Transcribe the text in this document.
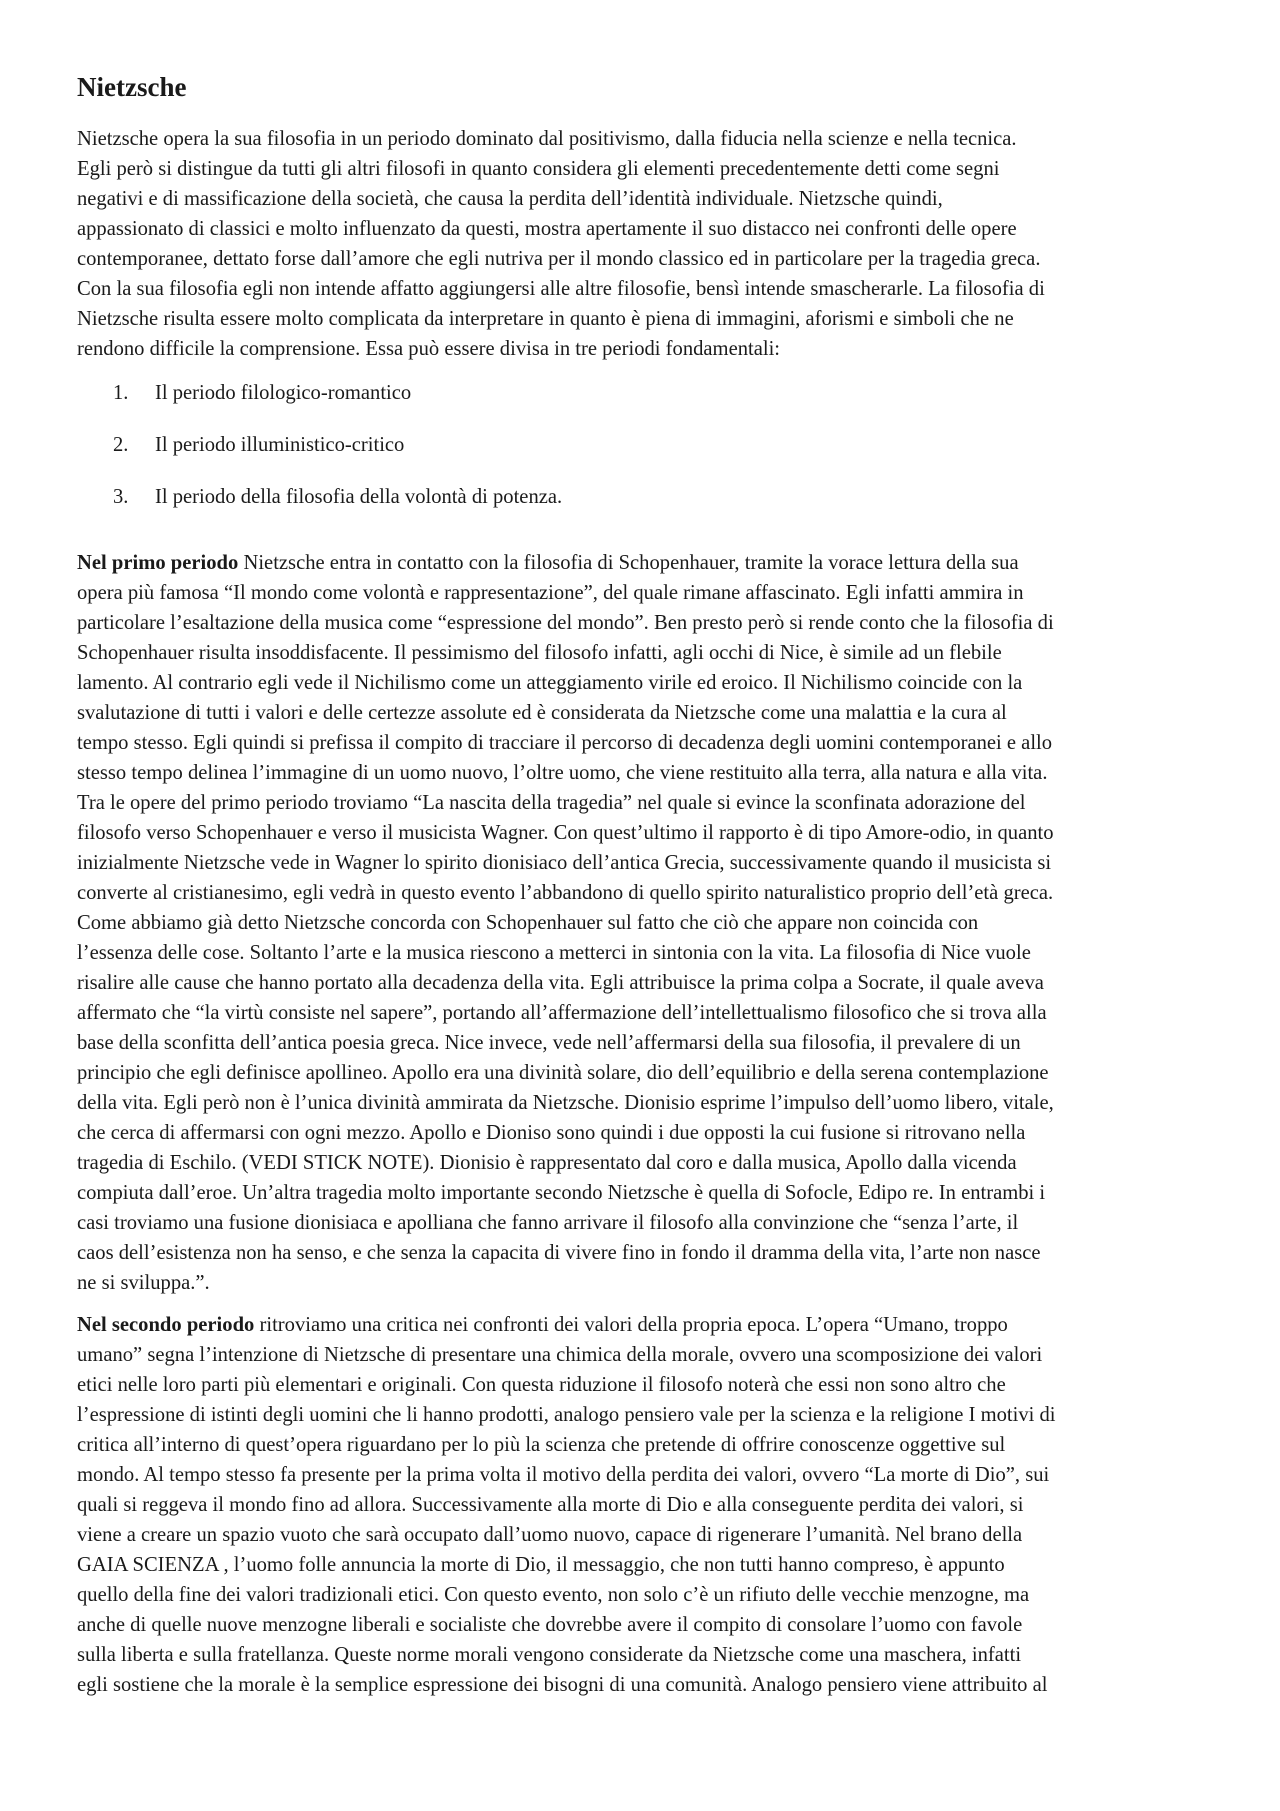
Nietzsche

Nietzsche opera la sua filosofia in un periodo dominato dal positivismo, dalla fiducia nella scienze e nella tecnica.
Egli però si distingue da tutti gli altri filosofi in quanto considera gli elementi precedentemente detti come segni
negativi e di massificazione della società, che causa la perdita dell’identità individuale. Nietzsche quindi,
appassionato di classici e molto influenzato da questi, mostra apertamente il suo distacco nei confronti delle opere
contemporanee, dettato forse dall’amore che egli nutriva per il mondo classico ed in particolare per la tragedia greca.
Con la sua filosofia egli non intende affatto aggiungersi alle altre filosofie, bensì intende smascherarle. La filosofia di
Nietzsche risulta essere molto complicata da interpretare in quanto è piena di immagini, aforismi e simboli che ne
rendono difficile la comprensione. Essa può essere divisa in tre periodi fondamentali:

1.	Il periodo filologico-romantico
2.	Il periodo illuministico-critico
3.	Il periodo della filosofia della volontà di potenza.

Nel primo periodo Nietzsche entra in contatto con la filosofia di Schopenhauer, tramite la vorace lettura della sua
opera più famosa “Il mondo come volontà e rappresentazione”, del quale rimane affascinato. Egli infatti ammira in
particolare l’esaltazione della musica come “espressione del mondo”. Ben presto però si rende conto che la filosofia di
Schopenhauer risulta insoddisfacente. Il pessimismo del filosofo infatti, agli occhi di Nice, è simile ad un flebile
lamento. Al contrario egli vede il Nichilismo come un atteggiamento virile ed eroico. Il Nichilismo coincide con la
svalutazione di tutti i valori e delle certezze assolute ed è considerata da Nietzsche come una malattia e la cura al
tempo stesso. Egli quindi si prefissa il compito di tracciare il percorso di decadenza degli uomini contemporanei e allo
stesso tempo delinea l’immagine di un uomo nuovo, l’oltre uomo, che viene restituito alla terra, alla natura e alla vita.
Tra le opere del primo periodo troviamo “La nascita della tragedia” nel quale si evince la sconfinata adorazione del
filosofo verso Schopenhauer e verso il musicista Wagner. Con quest’ultimo il rapporto è di tipo Amore-odio, in quanto
inizialmente Nietzsche vede in Wagner lo spirito dionisiaco dell’antica Grecia, successivamente quando il musicista si
converte al cristianesimo, egli vedrà in questo evento l’abbandono di quello spirito naturalistico proprio dell’età greca.
Come abbiamo già detto Nietzsche concorda con Schopenhauer sul fatto che ciò che appare non coincida con
l’essenza delle cose. Soltanto l’arte e la musica riescono a metterci in sintonia con la vita. La filosofia di Nice vuole
risalire alle cause che hanno portato alla decadenza della vita. Egli attribuisce la prima colpa a Socrate, il quale aveva
affermato che “la virtù consiste nel sapere”, portando all’affermazione dell’intellettualismo filosofico che si trova alla
base della sconfitta dell’antica poesia greca. Nice invece, vede nell’affermarsi della sua filosofia, il prevalere di un
principio che egli definisce apollineo. Apollo era una divinità solare, dio dell’equilibrio e della serena contemplazione
della vita. Egli però non è l’unica divinità ammirata da Nietzsche. Dionisio esprime l’impulso dell’uomo libero, vitale,
che cerca di affermarsi con ogni mezzo. Apollo e Dioniso sono quindi i due opposti la cui fusione si ritrovano nella
tragedia di Eschilo. (VEDI STICK NOTE). Dionisio è rappresentato dal coro e dalla musica, Apollo dalla vicenda
compiuta dall’eroe. Un’altra tragedia molto importante secondo Nietzsche è quella di Sofocle, Edipo re. In entrambi i
casi troviamo una fusione dionisiaca e apolliana che fanno arrivare il filosofo alla convinzione che “senza l’arte, il
caos dell’esistenza non ha senso, e che senza la capacita di vivere fino in fondo il dramma della vita, l’arte non nasce
ne si sviluppa.”.

Nel secondo periodo ritroviamo una critica nei confronti dei valori della propria epoca. L’opera “Umano, troppo
umano” segna l’intenzione di Nietzsche di presentare una chimica della morale, ovvero una scomposizione dei valori
etici nelle loro parti più elementari e originali. Con questa riduzione il filosofo noterà che essi non sono altro che
l’espressione di istinti degli uomini che li hanno prodotti, analogo pensiero vale per la scienza e la religione I motivi di
critica all’interno di quest’opera riguardano per lo più la scienza che pretende di offrire conoscenze oggettive sul
mondo. Al tempo stesso fa presente per la prima volta il motivo della perdita dei valori, ovvero “La morte di Dio”, sui
quali si reggeva il mondo fino ad allora. Successivamente alla morte di Dio e alla conseguente perdita dei valori, si
viene a creare un spazio vuoto che sarà occupato dall’uomo nuovo, capace di rigenerare l’umanità. Nel brano della
GAIA SCIENZA , l’uomo folle annuncia la morte di Dio, il messaggio, che non tutti hanno compreso, è appunto
quello della fine dei valori tradizionali etici. Con questo evento, non solo c’è un rifiuto delle vecchie menzogne, ma
anche di quelle nuove menzogne liberali e socialiste che dovrebbe avere il compito di consolare l’uomo con favole
sulla liberta e sulla fratellanza. Queste norme morali vengono considerate da Nietzsche come una maschera, infatti
egli sostiene che la morale è la semplice espressione dei bisogni di una comunità. Analogo pensiero viene attribuito al
